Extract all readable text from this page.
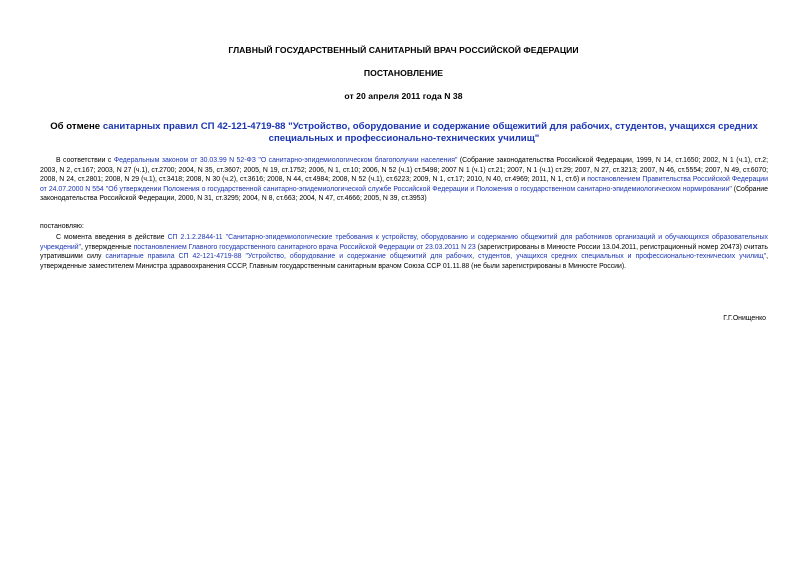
ГЛАВНЫЙ ГОСУДАРСТВЕННЫЙ САНИТАРНЫЙ ВРАЧ РОССИЙСКОЙ ФЕДЕРАЦИИ
ПОСТАНОВЛЕНИЕ
от 20 апреля 2011 года N 38
Об отмене санитарных правил СП 42-121-4719-88 "Устройство, оборудование и содержание общежитий для рабочих, студентов, учащихся средних специальных и профессионально-технических училищ"
В соответствии с Федеральным законом от 30.03.99 N 52-ФЗ "О санитарно-эпидемиологическом благополучии населения" (Собрание законодательства Российской Федерации, 1999, N 14, ст.1650; 2002, N 1 (ч.1), ст.2; 2003, N 2, ст.167; 2003, N 27 (ч.1), ст.2700; 2004, N 35, ст.3607; 2005, N 19, ст.1752; 2006, N 1, ст.10; 2006, N 52 (ч.1) ст.5498; 2007 N 1 (ч.1) ст.21; 2007, N 1 (ч.1) ст.29; 2007, N 27, ст.3213; 2007, N 46, ст.5554; 2007, N 49, ст.6070; 2008, N 24, ст.2801; 2008, N 29 (ч.1), ст.3418; 2008, N 30 (ч.2), ст.3616; 2008, N 44, ст.4984; 2008, N 52 (ч.1), ст.6223; 2009, N 1, ст.17; 2010, N 40, ст.4969; 2011, N 1, ст.6) и постановлением Правительства Российской Федерации от 24.07.2000 N 554 "Об утверждении Положения о государственной санитарно-эпидемиологической службе Российской Федерации и Положения о государственном санитарно-эпидемиологическом нормировании" (Собрание законодательства Российской Федерации, 2000, N 31, ст.3295; 2004, N 8, ст.663; 2004, N 47, ст.4666; 2005, N 39, ст.3953)
постановляю:
С момента введения в действие СП 2.1.2.2844-11 "Санитарно-эпидемиологические требования к устройству, оборудованию и содержанию общежитий для работников организаций и обучающихся образовательных учреждений", утвержденные постановлением Главного государственного санитарного врача Российской Федерации от 23.03.2011 N 23 (зарегистрированы в Минюсте России 13.04.2011, регистрационный номер 20473) считать утратившими силу санитарные правила СП 42-121-4719-88 "Устройство, оборудование и содержание общежитий для рабочих, студентов, учащихся средних специальных и профессионально-технических училищ", утвержденные заместителем Министра здравоохранения СССР, Главным государственным санитарным врачом Союза ССР 01.11.88 (не были зарегистрированы в Минюсте России).
Г.Г.Онищенко
